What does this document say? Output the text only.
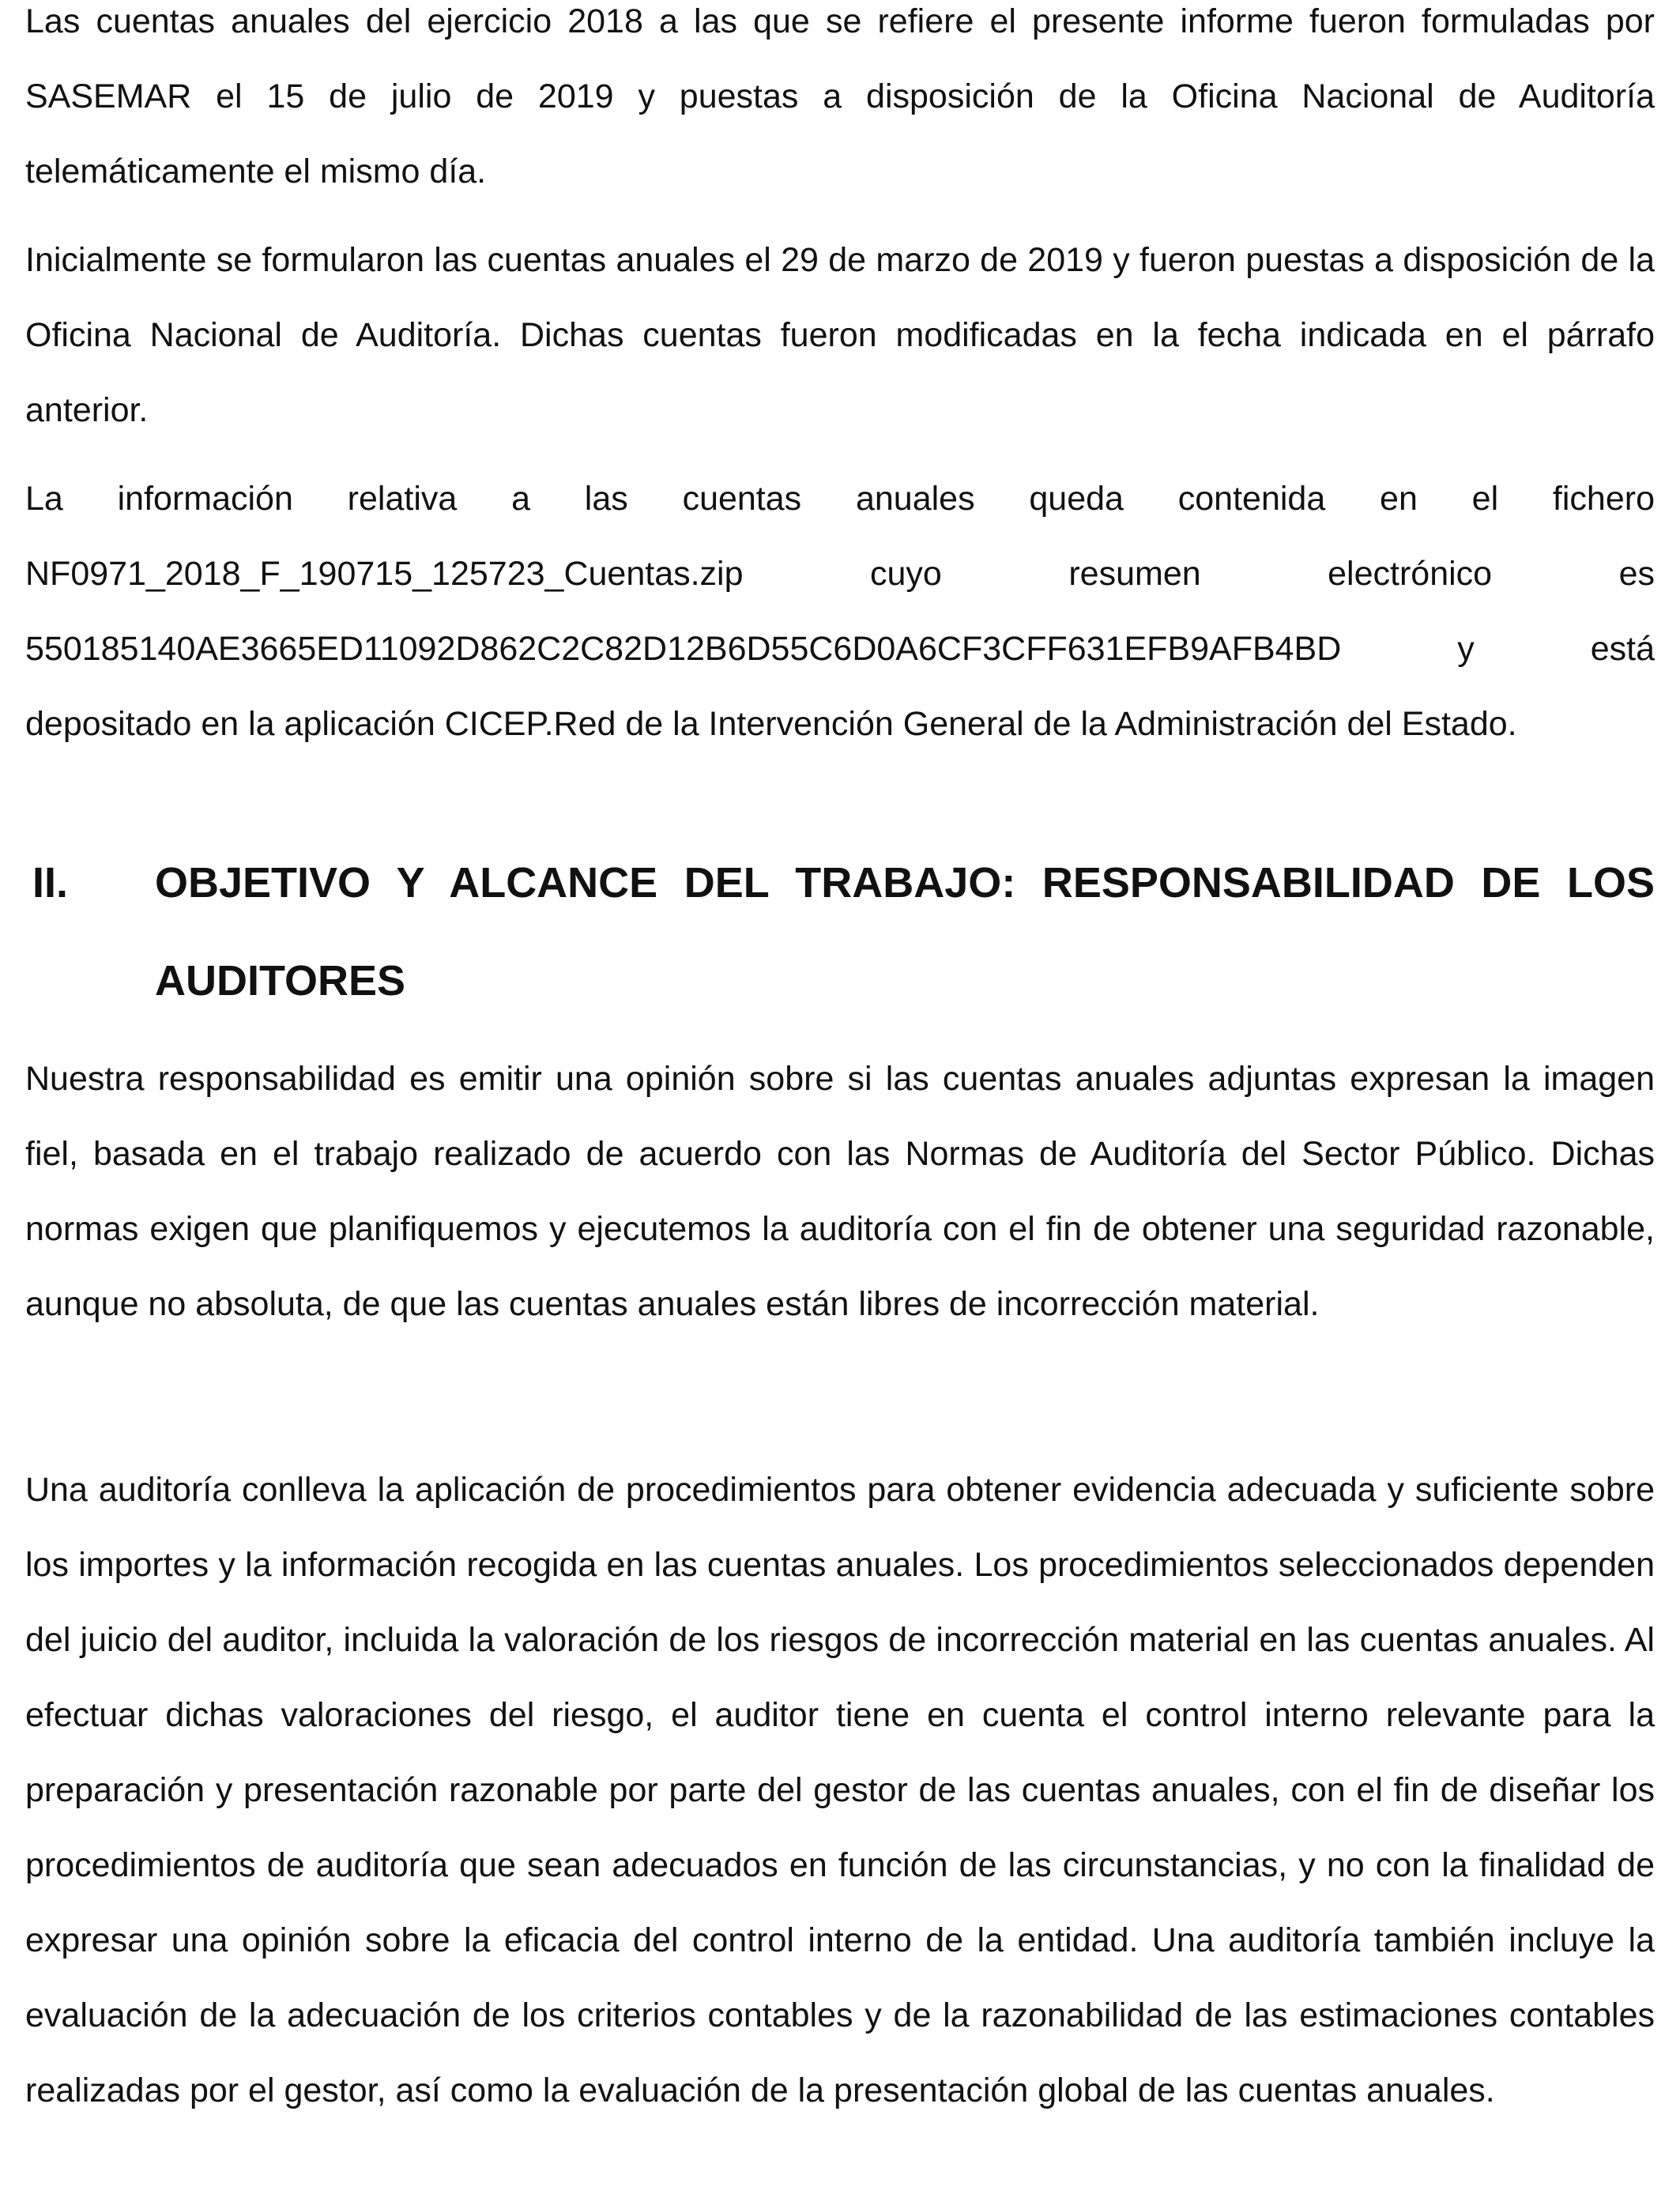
Las cuentas anuales del ejercicio 2018 a las que se refiere el presente informe fueron formuladas por SASEMAR el 15 de julio de 2019 y puestas a disposición de la Oficina Nacional de Auditoría telemáticamente el mismo día.

Inicialmente se formularon las cuentas anuales el 29 de marzo de 2019 y fueron puestas a disposición de la Oficina Nacional de Auditoría. Dichas cuentas fueron modificadas en la fecha indicada en el párrafo anterior.

La información relativa a las cuentas anuales queda contenida en el fichero
NF0971_2018_F_190715_125723_Cuentas.zip cuyo resumen electrónico es
550185140AE3665ED11092D862C2C82D12B6D55C6D0A6CF3CFF631EFB9AFB4BD y está
depositado en la aplicación CICEP.Red de la Intervención General de la Administración del Estado.

II. OBJETIVO Y ALCANCE DEL TRABAJO: RESPONSABILIDAD DE LOS AUDITORES

Nuestra responsabilidad es emitir una opinión sobre si las cuentas anuales adjuntas expresan la imagen fiel, basada en el trabajo realizado de acuerdo con las Normas de Auditoría del Sector Público. Dichas normas exigen que planifiquemos y ejecutemos la auditoría con el fin de obtener una seguridad razonable, aunque no absoluta, de que las cuentas anuales están libres de incorrección material.

Una auditoría conlleva la aplicación de procedimientos para obtener evidencia adecuada y suficiente sobre los importes y la información recogida en las cuentas anuales. Los procedimientos seleccionados dependen del juicio del auditor, incluida la valoración de los riesgos de incorrección material en las cuentas anuales. Al efectuar dichas valoraciones del riesgo, el auditor tiene en cuenta el control interno relevante para la preparación y presentación razonable por parte del gestor de las cuentas anuales, con el fin de diseñar los procedimientos de auditoría que sean adecuados en función de las circunstancias, y no con la finalidad de expresar una opinión sobre la eficacia del control interno de la entidad. Una auditoría también incluye la evaluación de la adecuación de los criterios contables y de la razonabilidad de las estimaciones contables realizadas por el gestor, así como la evaluación de la presentación global de las cuentas anuales.
